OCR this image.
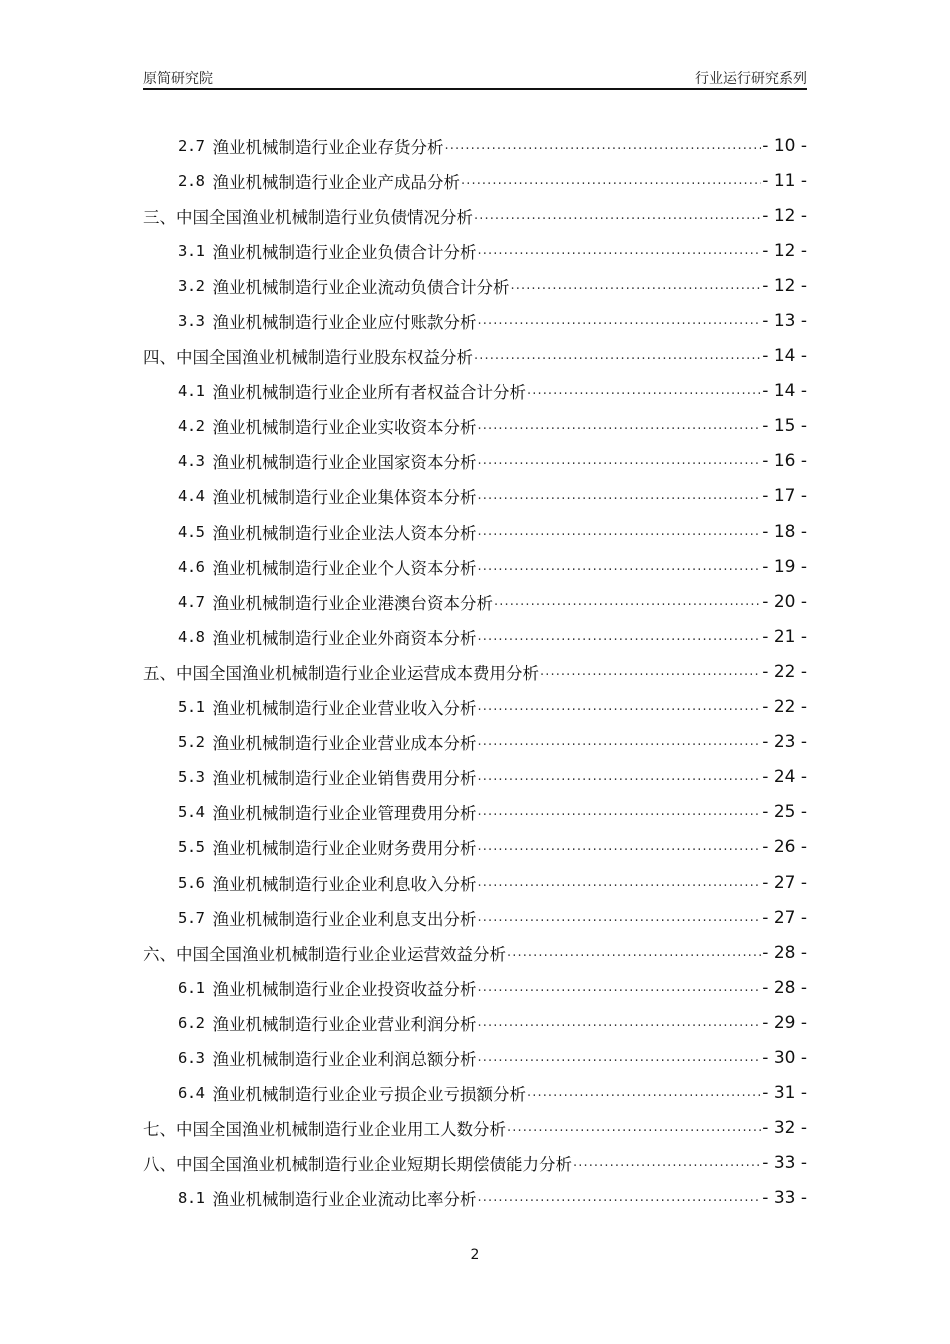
原简研究院	行业运行研究系列
2.7 渔业机械制造行业企业存货分析 .....	- 10 -
2.8 渔业机械制造行业企业产成品分析 .....	- 11 -
三、中国全国渔业机械制造行业负债情况分析 .....	- 12 -
3.1 渔业机械制造行业企业负债合计分析 .....	- 12 -
3.2 渔业机械制造行业企业流动负债合计分析 .....	- 12 -
3.3 渔业机械制造行业企业应付账款分析 .....	- 13 -
四、中国全国渔业机械制造行业股东权益分析 .....	- 14 -
4.1 渔业机械制造行业企业所有者权益合计分析 .....	- 14 -
4.2 渔业机械制造行业企业实收资本分析 .....	- 15 -
4.3 渔业机械制造行业企业国家资本分析 .....	- 16 -
4.4 渔业机械制造行业企业集体资本分析 .....	- 17 -
4.5 渔业机械制造行业企业法人资本分析 .....	- 18 -
4.6 渔业机械制造行业企业个人资本分析 .....	- 19 -
4.7 渔业机械制造行业企业港澳台资本分析 .....	- 20 -
4.8 渔业机械制造行业企业外商资本分析 .....	- 21 -
五、中国全国渔业机械制造行业企业运营成本费用分析 .....	- 22 -
5.1 渔业机械制造行业企业营业收入分析 .....	- 22 -
5.2 渔业机械制造行业企业营业成本分析 .....	- 23 -
5.3 渔业机械制造行业企业销售费用分析 .....	- 24 -
5.4 渔业机械制造行业企业管理费用分析 .....	- 25 -
5.5 渔业机械制造行业企业财务费用分析 .....	- 26 -
5.6 渔业机械制造行业企业利息收入分析 .....	- 27 -
5.7 渔业机械制造行业企业利息支出分析 .....	- 27 -
六、中国全国渔业机械制造行业企业运营效益分析 .....	- 28 -
6.1 渔业机械制造行业企业投资收益分析 .....	- 28 -
6.2 渔业机械制造行业企业营业利润分析 .....	- 29 -
6.3 渔业机械制造行业企业利润总额分析 .....	- 30 -
6.4 渔业机械制造行业企业亏损企业亏损额分析 .....	- 31 -
七、中国全国渔业机械制造行业企业用工人数分析 .....	- 32 -
八、中国全国渔业机械制造行业企业短期长期偿债能力分析 .....	- 33 -
8.1 渔业机械制造行业企业流动比率分析 .....	- 33 -
2
